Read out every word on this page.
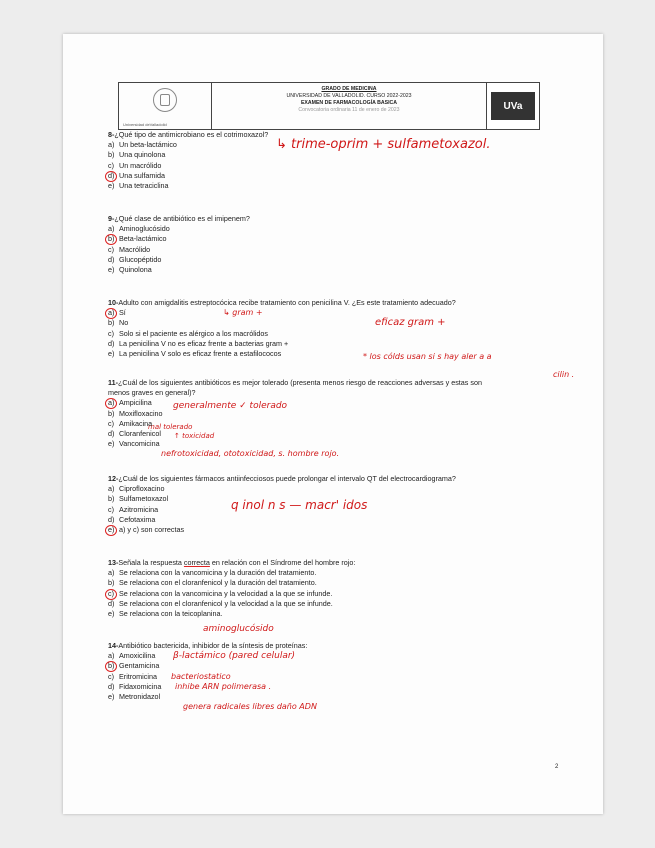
Universidad deValladolid
GRADO DE MEDICINA
UNIVERSIDAD DE VALLADOLID. CURSO 2022-2023
EXAMEN DE FARMACOLOGÍA BASICA
Convocatoria ordinaria 11 de enero de 2023	UVa
8-¿Qué tipo de antimicrobiano es el cotrimoxazol?
a) Un beta-lactámico
b) Una quinolona
c) Un macrólido
d) Una sulfamida
e) Una tetraciclina
9-¿Qué clase de antibiótico es el imipenem?
a) Aminoglucósido
b) Beta-lactámico
c) Macrólido
d) Glucopéptido
e) Quinolona
10-Adulto con amigdalitis estreptocócica recibe tratamiento con penicilina V. ¿Es este tratamiento adecuado?
a) Sí
b) No
c) Solo si el paciente es alérgico a los macrólidos
d) La penicilina V no es eficaz frente a bacterias gram +
e) La penicilina V solo es eficaz frente a estafilococos
11-¿Cuál de los siguientes antibióticos es mejor tolerado (presenta menos riesgo de reacciones adversas y estas son
menos graves en general)?
a) Ampicilina
b) Moxifloxacino
c) Amikacina
d) Cloranfenicol
e) Vancomicina
12-¿Cuál de los siguientes fármacos antiinfecciosos puede prolongar el intervalo QT del electrocardiograma?
a) Ciprofloxacino
b) Sulfametoxazol
c) Azitromicina
d) Cefotaxima
e) a) y c) son correctas
13-Señala la respuesta correcta en relación con el Síndrome del hombre rojo:
a) Se relaciona con la vancomicina y la duración del tratamiento.
b) Se relaciona con el cloranfenicol y la duración del tratamiento.
c) Se relaciona con la vancomicina y la velocidad a la que se infunde.
d) Se relaciona con el cloranfenicol y la velocidad a la que se infunde.
e) Se relaciona con la teicoplanina.
14-Antibiótico bactericida, inhibidor de la síntesis de proteínas:
a) Amoxicilina
b) Gentamicina
c) Eritromicina
d) Fidaxomicina
e) Metronidazol
↳ trime-oprim + sulfametoxazol.
↳ gram +
eficaz gram +
* los cólds usan si s hay aler a a
cilin .
generalmente ✓ tolerado
mal tolerado
↑ toxicidad
nefrotoxicidad, ototoxicidad, s. hombre rojo.
q inol n s — macr' idos
aminoglucósido
β-lactámico (pared celular)
bacteriostatico
inhibe ARN polimerasa .
genera radicales libres daño ADN
2
